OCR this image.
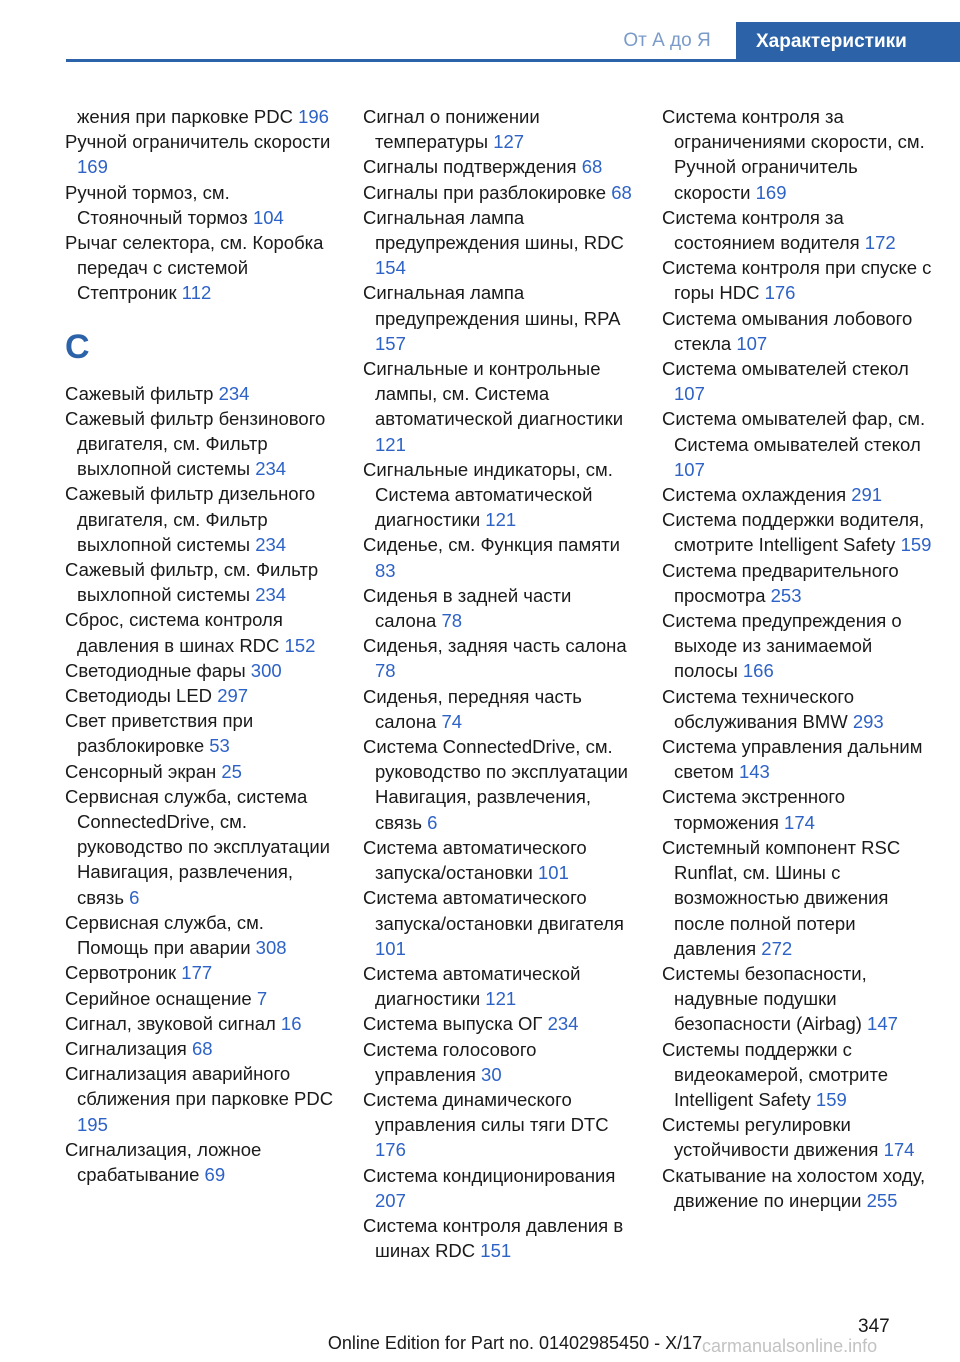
От А до Я	Характеристики
жения при парковке PDC 196
Ручной ограничитель скорости 169
Ручной тормоз, см. Стояночный тормоз 104
Рычаг селектора, см. Коробка передач с системой Стептроник 112
С
Сажевый фильтр 234
Сажевый фильтр бензинового двигателя, см. Фильтр выхлопной системы 234
Сажевый фильтр дизельного двигателя, см. Фильтр выхлопной системы 234
Сажевый фильтр, см. Фильтр выхлопной системы 234
Сброс, система контроля давления в шинах RDC 152
Светодиодные фары 300
Светодиоды LED 297
Свет приветствия при разблокировке 53
Сенсорный экран 25
Сервисная служба, система ConnectedDrive, см. руководство по эксплуатации Навигация, развлечения, связь 6
Сервисная служба, см. Помощь при аварии 308
Сервотроник 177
Серийное оснащение 7
Сигнал, звуковой сигнал 16
Сигнализация 68
Сигнализация аварийного сближения при парковке PDC 195
Сигнализация, ложное срабатывание 69
Сигнал о понижении температуры 127
Сигналы подтверждения 68
Сигналы при разблокировке 68
Сигнальная лампа предупреждения шины, RDC 154
Сигнальная лампа предупреждения шины, RPA 157
Сигнальные и контрольные лампы, см. Система автоматической диагностики 121
Сигнальные индикаторы, см. Система автоматической диагностики 121
Сиденье, см. Функция памяти 83
Сиденья в задней части салона 78
Сиденья, задняя часть салона 78
Сиденья, передняя часть салона 74
Система ConnectedDrive, см. руководство по эксплуатации Навигация, развлечения, связь 6
Система автоматического запуска/остановки 101
Система автоматического запуска/остановки двигателя 101
Система автоматической диагностики 121
Система выпуска ОГ 234
Система голосового управления 30
Система динамического управления силы тяги DTC 176
Система кондиционирования 207
Система контроля давления в шинах RDC 151
Система контроля за ограничениями скорости, см. Ручной ограничитель скорости 169
Система контроля за состоянием водителя 172
Система контроля при спуске с горы HDC 176
Система омывания лобового стекла 107
Система омывателей стекол 107
Система омывателей фар, см. Система омывателей стекол 107
Система охлаждения 291
Система поддержки водителя, смотрите Intelligent Safety 159
Система предварительного просмотра 253
Система предупреждения о выходе из занимаемой полосы 166
Система технического обслуживания BMW 293
Система управления дальним светом 143
Система экстренного торможения 174
Системный компонент RSC Runflat, см. Шины с возможностью движения после полной потери давления 272
Системы безопасности, надувные подушки безопасности (Airbag) 147
Системы поддержки с видеокамерой, смотрите Intelligent Safety 159
Системы регулировки устойчивости движения 174
Скатывание на холостом ходу, движение по инерции 255
347
Online Edition for Part no. 01402985450 - X/17 carmanualsonline.info
